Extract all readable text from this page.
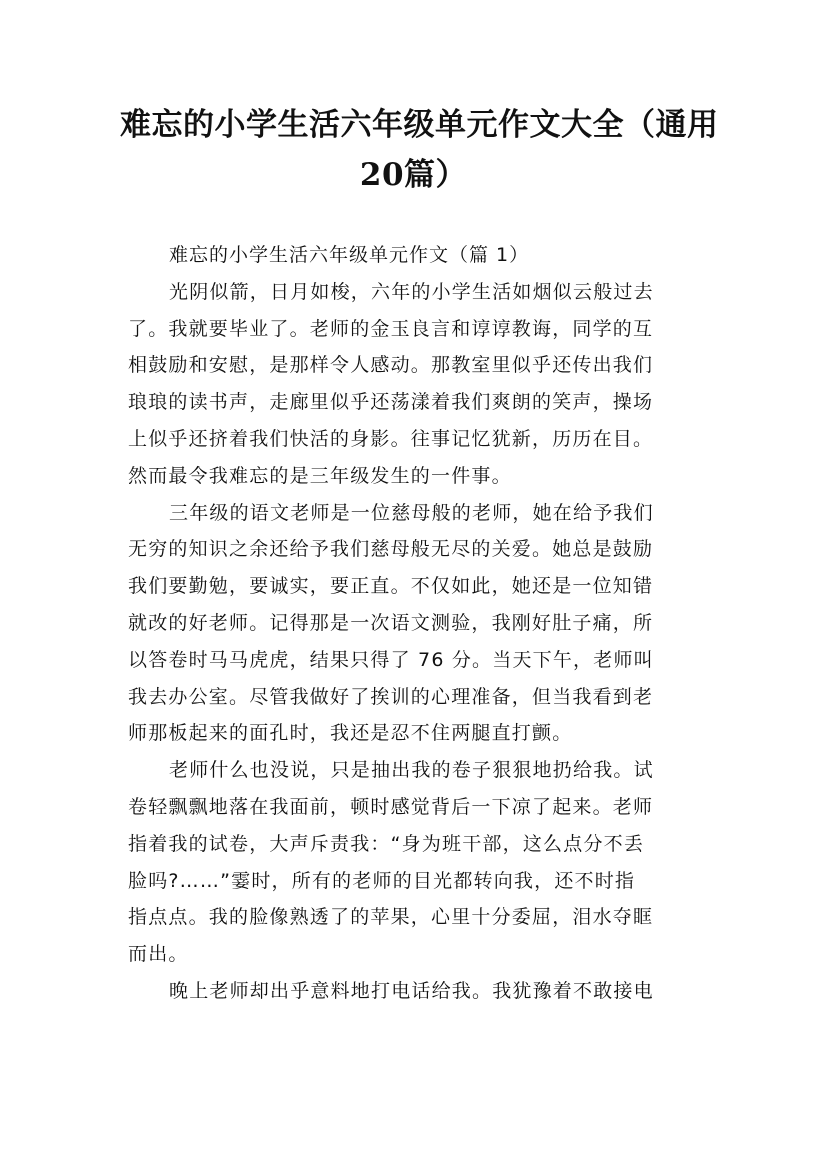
难忘的小学生活六年级单元作文大全（通用
20篇）
难忘的小学生活六年级单元作文（篇 1）
光阴似箭，日月如梭，六年的小学生活如烟似云般过去
了。我就要毕业了。老师的金玉良言和谆谆教诲，同学的互
相鼓励和安慰，是那样令人感动。那教室里似乎还传出我们
琅琅的读书声，走廊里似乎还荡漾着我们爽朗的笑声，操场
上似乎还挤着我们快活的身影。往事记忆犹新，历历在目。
然而最令我难忘的是三年级发生的一件事。
三年级的语文老师是一位慈母般的老师，她在给予我们
无穷的知识之余还给予我们慈母般无尽的关爱。她总是鼓励
我们要勤勉，要诚实，要正直。不仅如此，她还是一位知错
就改的好老师。记得那是一次语文测验，我刚好肚子痛，所
以答卷时马马虎虎，结果只得了 76 分。当天下午，老师叫
我去办公室。尽管我做好了挨训的心理准备，但当我看到老
师那板起来的面孔时，我还是忍不住两腿直打颤。
老师什么也没说，只是抽出我的卷子狠狠地扔给我。试
卷轻飘飘地落在我面前，顿时感觉背后一下凉了起来。老师
指着我的试卷，大声斥责我：“身为班干部，这么点分不丢
脸吗?……”霎时，所有的老师的目光都转向我，还不时指
指点点。我的脸像熟透了的苹果，心里十分委屈，泪水夺眶
而出。
晚上老师却出乎意料地打电话给我。我犹豫着不敢接电
